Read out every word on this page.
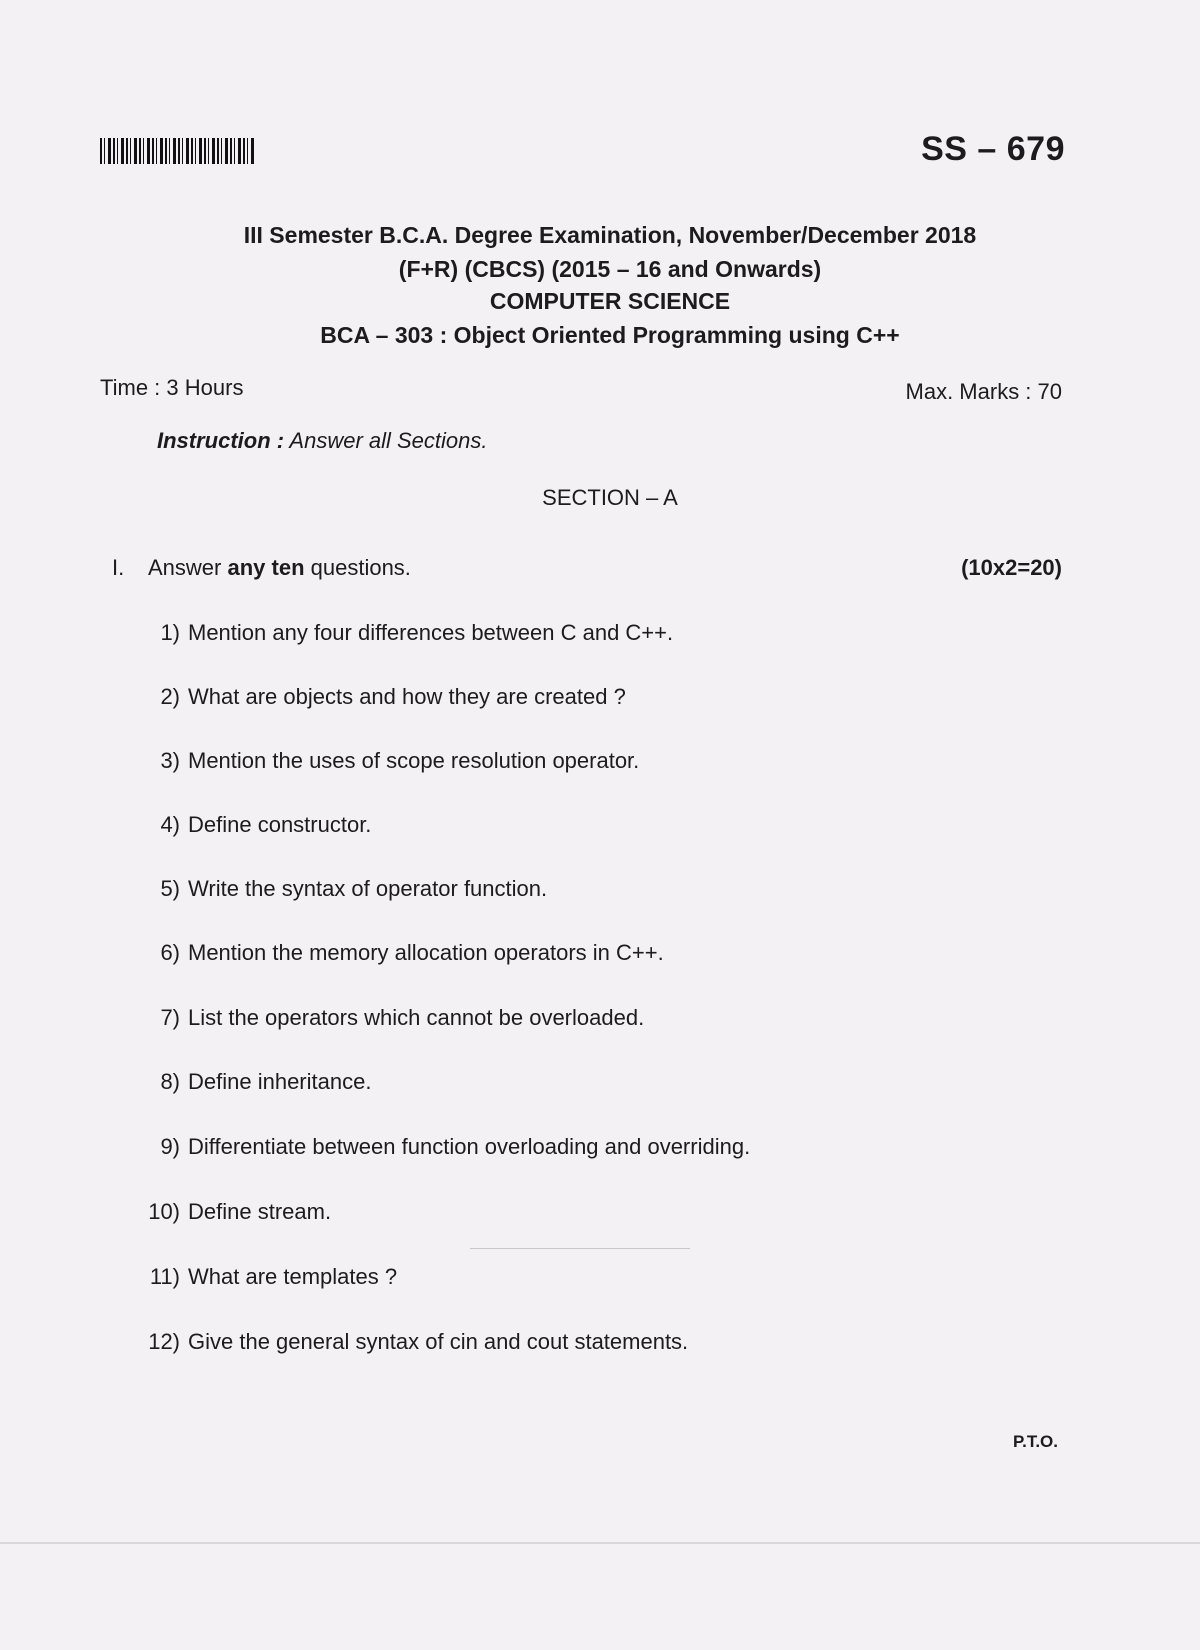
SS – 679
III Semester B.C.A. Degree Examination, November/December 2018
(F+R) (CBCS) (2015 – 16 and Onwards)
COMPUTER SCIENCE
BCA – 303 : Object Oriented Programming using C++
Time : 3 Hours	Max. Marks : 70
Instruction : Answer all Sections.
SECTION – A
I. Answer any ten questions.	(10x2=20)
1) Mention any four differences between C and C++.
2) What are objects and how they are created ?
3) Mention the uses of scope resolution operator.
4) Define constructor.
5) Write the syntax of operator function.
6) Mention the memory allocation operators in C++.
7) List the operators which cannot be overloaded.
8) Define inheritance.
9) Differentiate between function overloading and overriding.
10) Define stream.
11) What are templates ?
12) Give the general syntax of cin and cout statements.
P.T.O.
